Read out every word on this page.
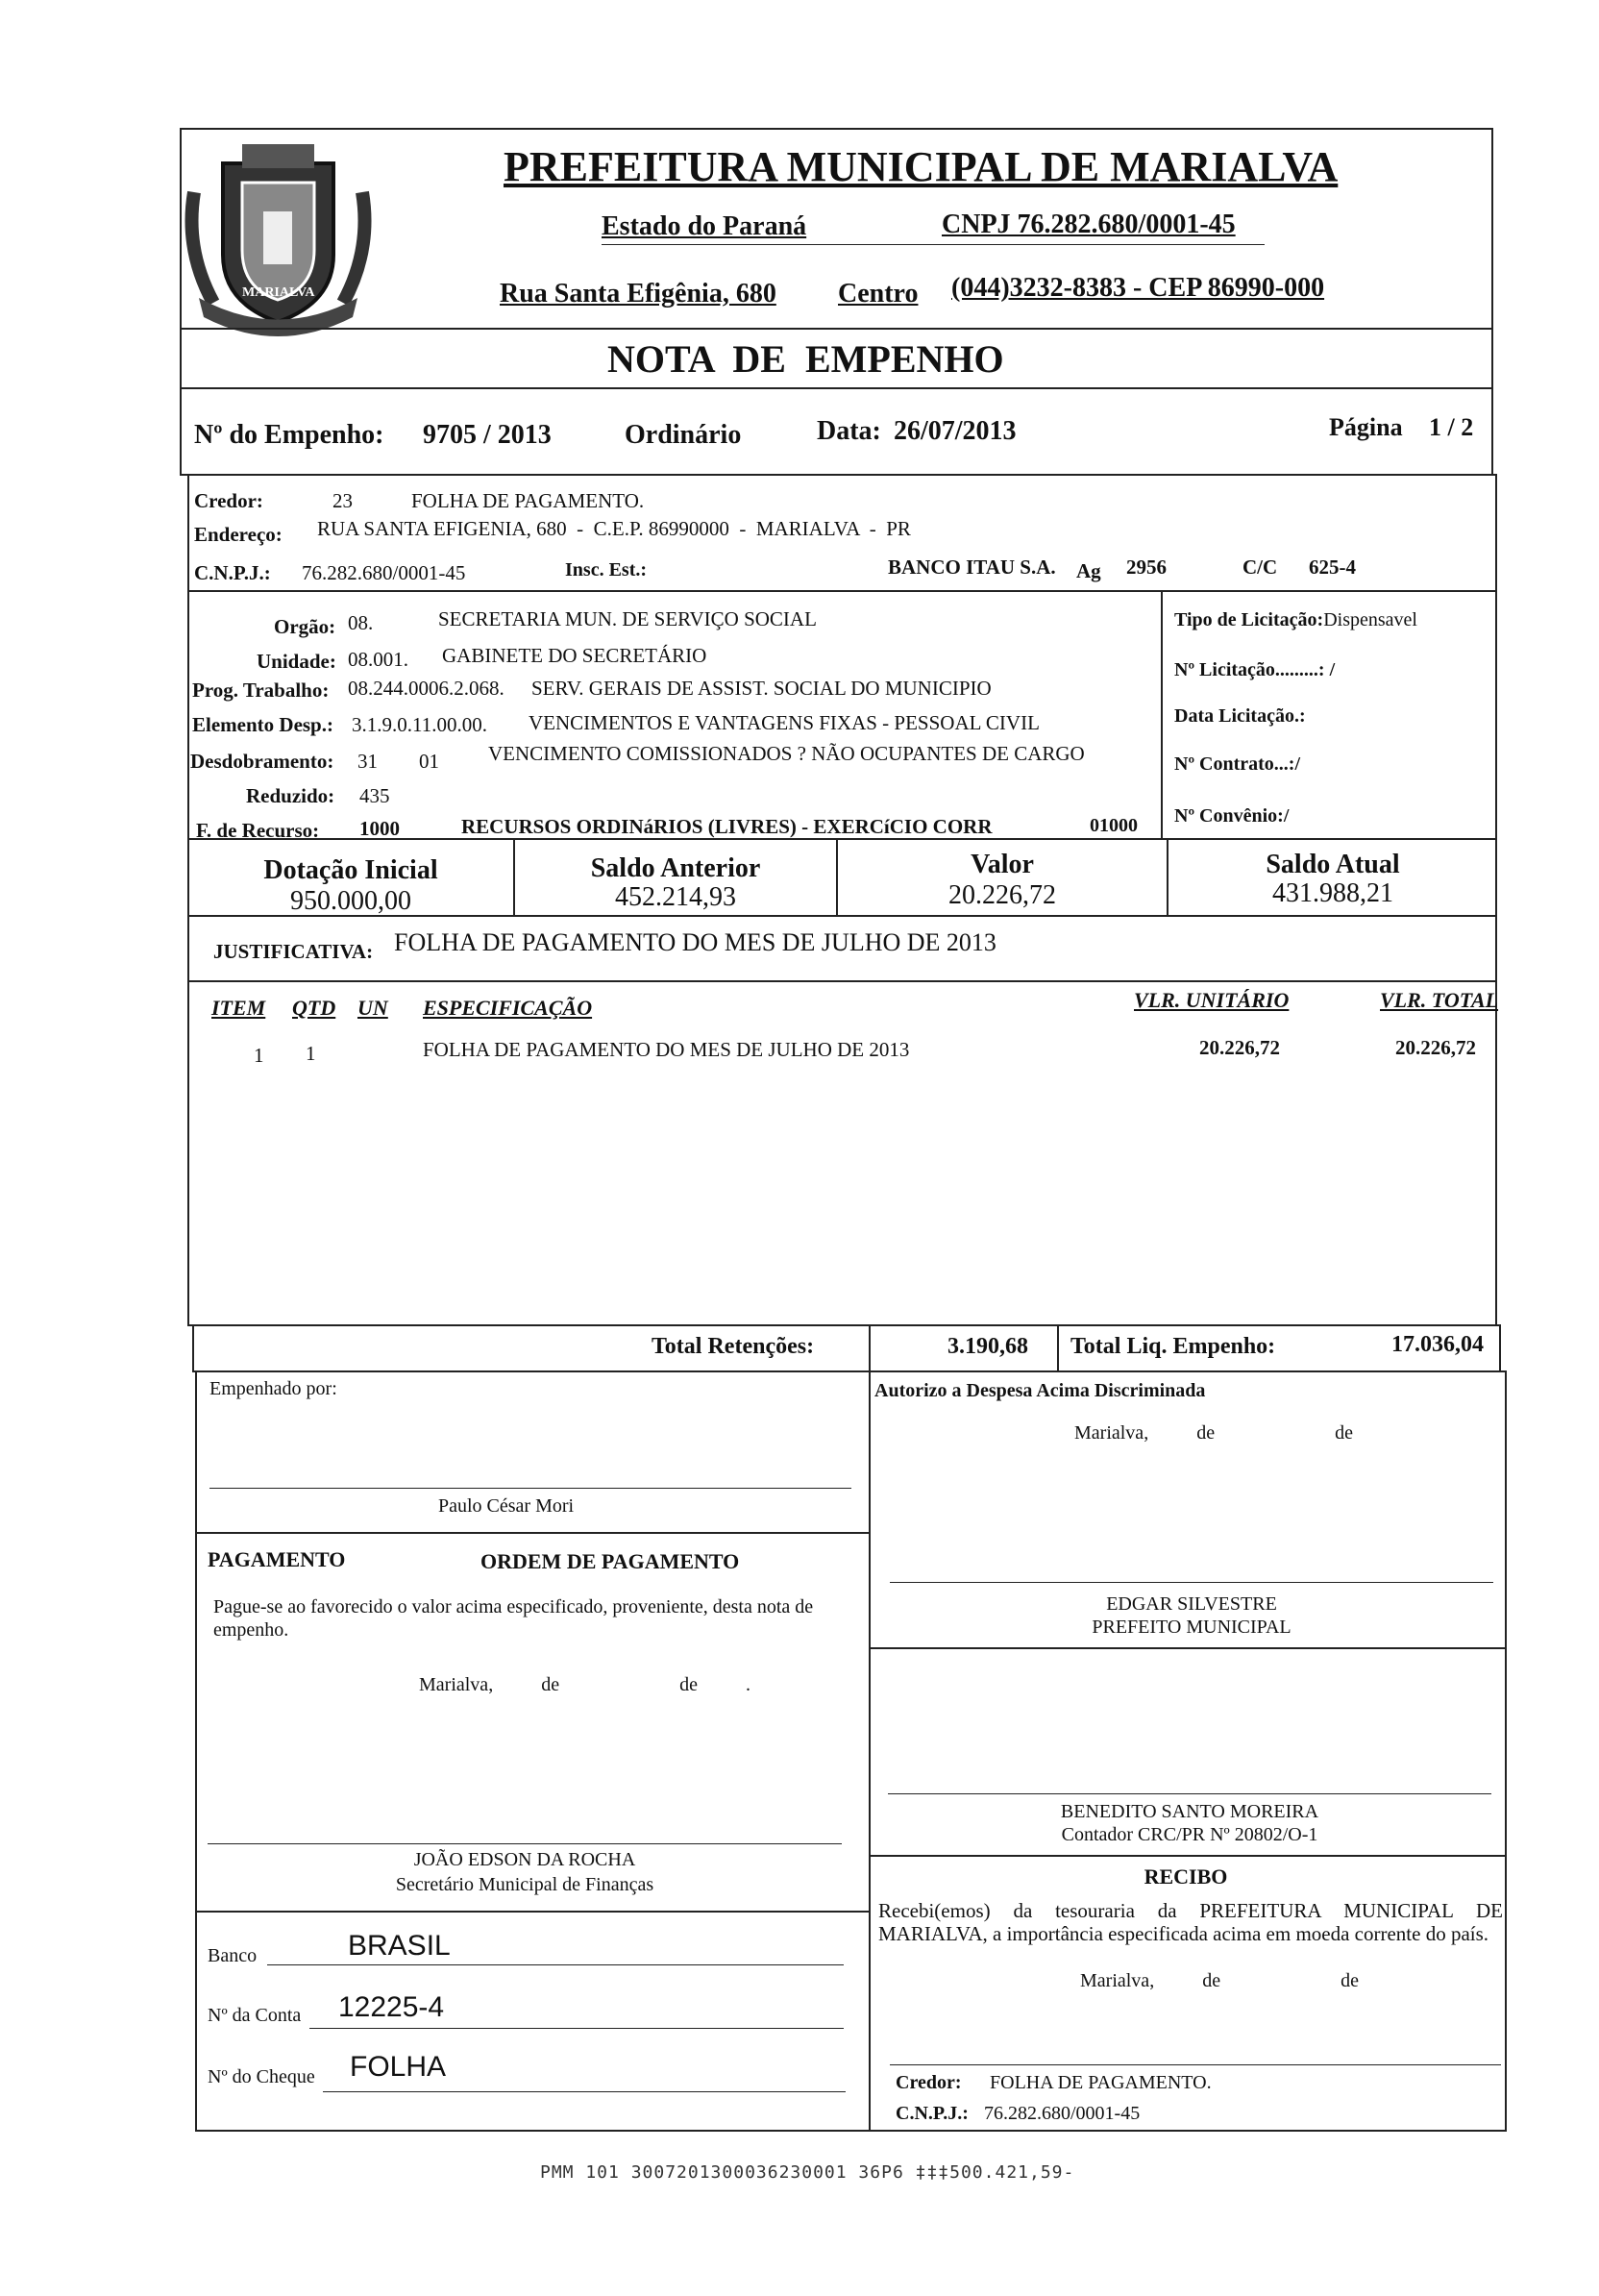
MARIALVA
PREFEITURA MUNICIPAL DE MARIALVA
Estado do Paraná	CNPJ 76.282.680/0001-45
Rua Santa Efigênia, 680 Centro (044)3232-8383 - CEP 86990-000
NOTA  DE  EMPENHO
Nº do Empenho: 9705 / 2013	Ordinário	Data: 26/07/2013	Página 1 / 2
Credor:	23	FOLHA DE PAGAMENTO.
Endereço: RUA SANTA EFIGENIA, 680  -  C.E.P. 86990000  -  MARIALVA  -  PR
C.N.P.J.: 76.282.680/0001-45	Insc. Est.:	BANCO ITAU S.A. Ag 2956	C/C 625-4
Orgão: 08.	SECRETARIA MUN. DE SERVIÇO SOCIAL
Unidade: 08.001. GABINETE DO SECRETÁRIO
Prog. Trabalho: 08.244.0006.2.068. SERV. GERAIS DE ASSIST. SOCIAL DO MUNICIPIO
Elemento Desp.: 3.1.9.0.11.00.00. VENCIMENTOS E VANTAGENS FIXAS - PESSOAL CIVIL
Desdobramento: 31 01 VENCIMENTO COMISSIONADOS ? NÃO OCUPANTES DE CARGO
Reduzido: 435
F. de Recurso: 1000	RECURSOS ORDINáRIOS (LIVRES) - EXERCíCIO CORR	01000
Tipo de Licitação:Dispensavel
Nº Licitação.........: /
Data Licitação.:
Nº Contrato...:/
Nº Convênio:/
Dotação Inicial
950.000,00
Saldo Anterior
452.214,93
Valor
20.226,72
Saldo Atual
431.988,21
JUSTIFICATIVA: FOLHA DE PAGAMENTO DO MES DE JULHO DE 2013
ITEM QTD UN ESPECIFICAÇÃO	VLR. UNITÁRIO	VLR. TOTAL
1 1	FOLHA DE PAGAMENTO DO MES DE JULHO DE 2013	20.226,72	20.226,72
Total Retenções:	3.190,68 Total Liq. Empenho:	17.036,04
Empenhado por:
Paulo César Mori
Autorizo a Despesa Acima Discriminada
Marialva,          de                         de
PAGAMENTO	ORDEM DE PAGAMENTO
Pague-se ao favorecido o valor acima especificado, proveniente, desta nota de empenho.
Marialva,          de                         de          .
JOÃO EDSON DA ROCHA
Secretário Municipal de Finanças
Banco	BRASIL
Nº da Conta 12225-4
Nº do Cheque FOLHA
EDGAR SILVESTRE
PREFEITO MUNICIPAL
BENEDITO SANTO MOREIRA
Contador CRC/PR Nº 20802/O-1
RECIBO
Recebi(emos) da tesouraria da PREFEITURA MUNICIPAL DE MARIALVA, a importância especificada acima em moeda corrente do país.
Marialva,          de                         de
Credor: FOLHA DE PAGAMENTO.
C.N.P.J.: 76.282.680/0001-45
PMM 101 3007201300036230001 36P6 ‡‡‡500.421,59-
